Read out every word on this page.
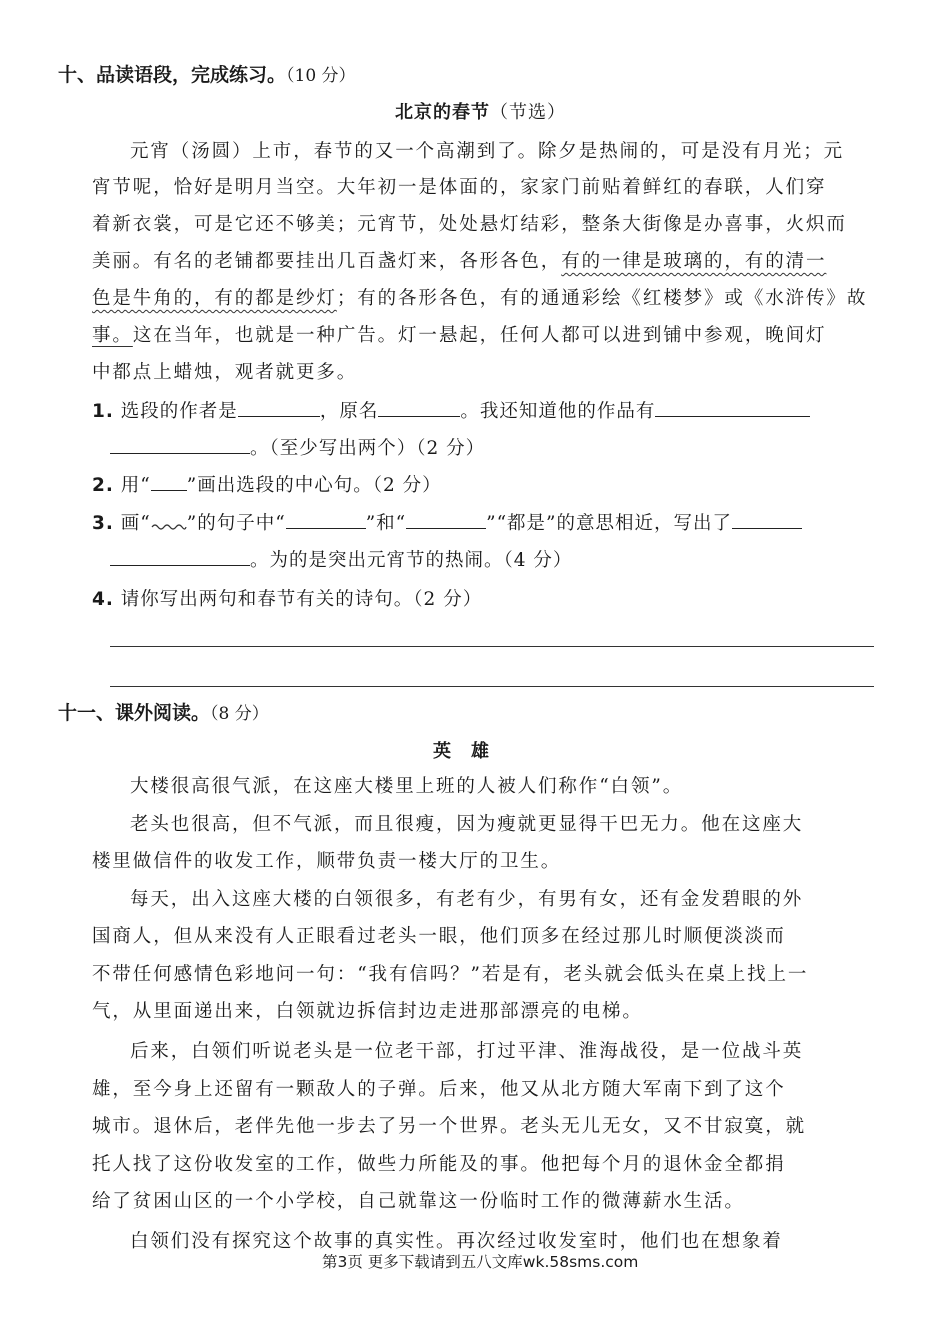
十、品读语段，完成练习。（10 分）
北京的春节（节选）
元宵（汤圆）上市，春节的又一个高潮到了。除夕是热闹的，可是没有月光；元
宵节呢，恰好是明月当空。大年初一是体面的，家家门前贴着鲜红的春联，人们穿
着新衣裳，可是它还不够美；元宵节，处处悬灯结彩，整条大街像是办喜事，火炽而
美丽。有名的老铺都要挂出几百盏灯来，各形各色，有的一律是玻璃的，有的清一
色是牛角的，有的都是纱灯；有的各形各色，有的通通彩绘《红楼梦》或《水浒传》故
事。这在当年，也就是一种广告。灯一悬起，任何人都可以进到铺中参观，晚间灯
中都点上蜡烛，观者就更多。
1. 选段的作者是	，原名	。我还知道他的作品有
。（至少写出两个）（2 分）
2. 用“ ”画出选段的中心句。（2 分）
3. 画“ ”的句子中“	”和“	”“都是”的意思相近，写出了
。为的是突出元宵节的热闹。（4 分）
4. 请你写出两句和春节有关的诗句。（2 分）
十一、课外阅读。（8 分）
英　雄
大楼很高很气派，在这座大楼里上班的人被人们称作“白领”。
老头也很高，但不气派，而且很瘦，因为瘦就更显得干巴无力。他在这座大
楼里做信件的收发工作，顺带负责一楼大厅的卫生。
每天，出入这座大楼的白领很多，有老有少，有男有女，还有金发碧眼的外
国商人，但从来没有人正眼看过老头一眼，他们顶多在经过那儿时顺便淡淡而
不带任何感情色彩地问一句：“我有信吗？”若是有，老头就会低头在桌上找上一
气，从里面递出来，白领就边拆信封边走进那部漂亮的电梯。
后来，白领们听说老头是一位老干部，打过平津、淮海战役，是一位战斗英
雄，至今身上还留有一颗敌人的子弹。后来，他又从北方随大军南下到了这个
城市。退休后，老伴先他一步去了另一个世界。老头无儿无女，又不甘寂寞，就
托人找了这份收发室的工作，做些力所能及的事。他把每个月的退休金全都捐
给了贫困山区的一个小学校，自己就靠这一份临时工作的微薄薪水生活。
白领们没有探究这个故事的真实性。再次经过收发室时，他们也在想象着
第3页 更多下载请到五八文库wk.58sms.com
